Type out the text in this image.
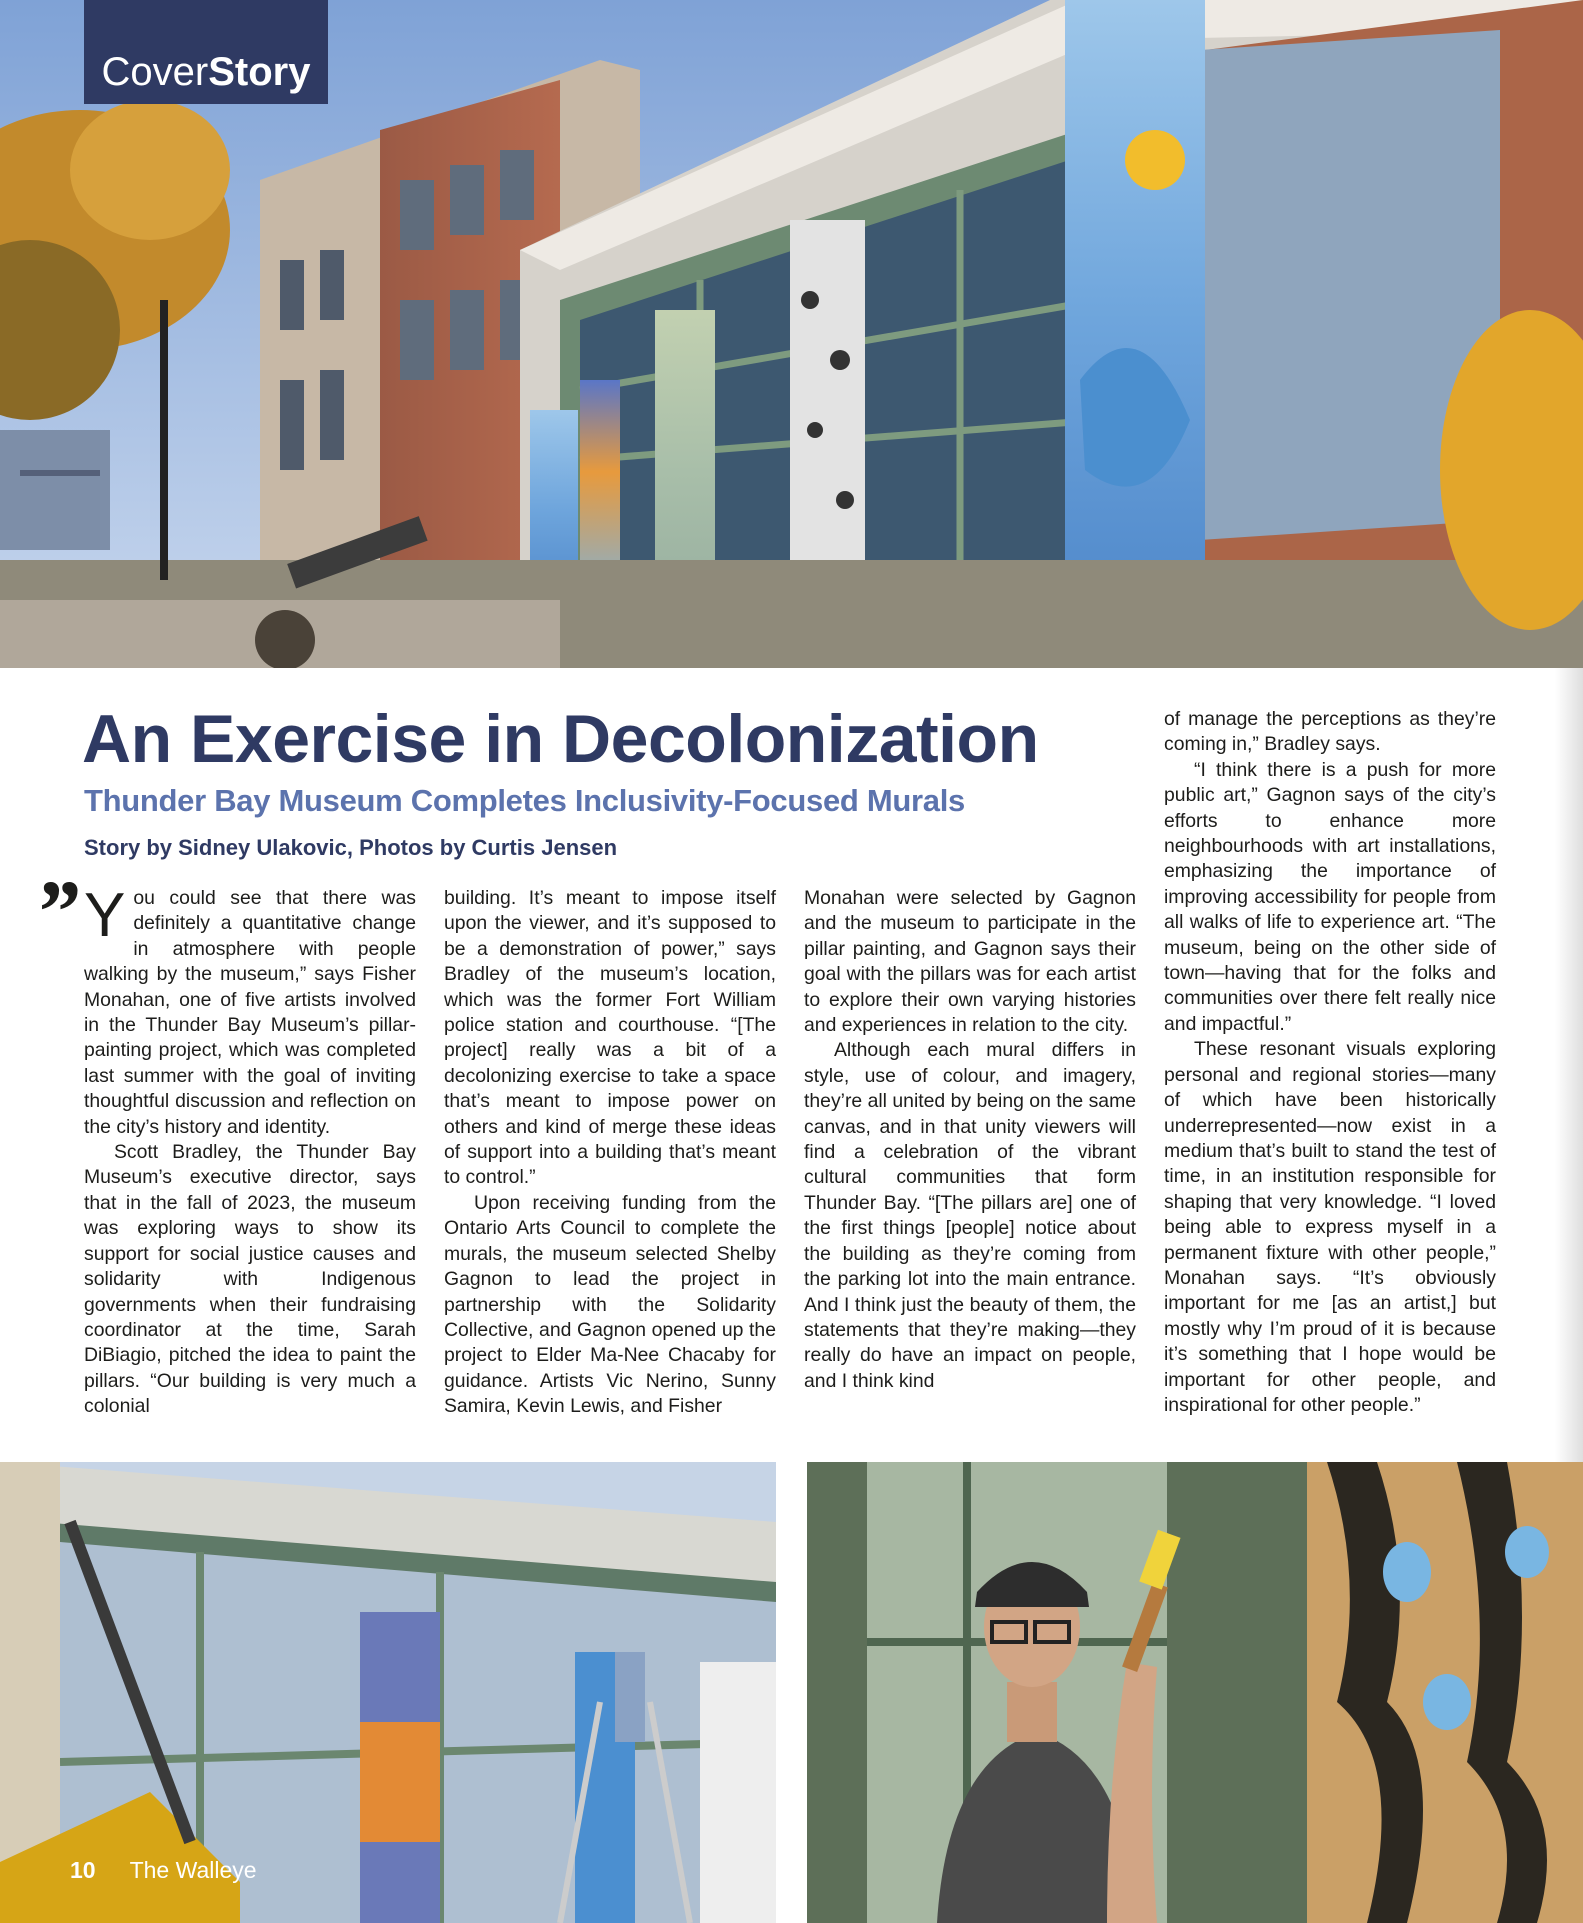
CoverStory
An Exercise in Decolonization
Thunder Bay Museum Completes Inclusivity-Focused Murals

Story by Sidney Ulakovic, Photos by Curtis Jensen

” You could see that there was definitely a quantitative change in atmosphere with people walking by the museum,” says Fisher Monahan, one of five artists involved in the Thunder Bay Museum’s pillar-painting project, which was completed last summer with the goal of inviting thoughtful discussion and reflection on the city’s history and identity.

Scott Bradley, the Thunder Bay Museum’s executive director, says that in the fall of 2023, the museum was exploring ways to show its support for social justice causes and solidarity with Indigenous governments when their fundraising coordinator at the time, Sarah DiBiagio, pitched the idea to paint the pillars. “Our building is very much a colonial

building. It’s meant to impose itself upon the viewer, and it’s supposed to be a demonstration of power,” says Bradley of the museum’s location, which was the former Fort William police station and courthouse. “[The project] really was a bit of a decolonizing exercise to take a space that’s meant to impose power on others and kind of merge these ideas of support into a building that’s meant to control.”

Upon receiving funding from the Ontario Arts Council to complete the murals, the museum selected Shelby Gagnon to lead the project in partnership with the Solidarity Collective, and Gagnon opened up the project to Elder Ma-Nee Chacaby for guidance. Artists Vic Nerino, Sunny Samira, Kevin Lewis, and Fisher

Monahan were selected by Gagnon and the museum to participate in the pillar painting, and Gagnon says their goal with the pillars was for each artist to explore their own varying histories and experiences in relation to the city.

Although each mural differs in style, use of colour, and imagery, they’re all united by being on the same canvas, and in that unity viewers will find a celebration of the vibrant cultural communities that form Thunder Bay. “[The pillars are] one of the first things [people] notice about the building as they’re coming from the parking lot into the main entrance. And I think just the beauty of them, the statements that they’re making—they really do have an impact on people, and I think kind

of manage the perceptions as they’re coming in,” Bradley says.

“I think there is a push for more public art,” Gagnon says of the city’s efforts to enhance more neighbourhoods with art installations, emphasizing the importance of improving accessibility for people from all walks of life to experience art. “The museum, being on the other side of town—having that for the folks and communities over there felt really nice and impactful.”

These resonant visuals exploring personal and regional stories—many of which have been historically underrepresented—now exist in a medium that’s built to stand the test of time, in an institution responsible for shaping that very knowledge. “I loved being able to express myself in a permanent fixture with other people,” Monahan says. “It’s obviously important for me [as an artist,] but mostly why I’m proud of it is because it’s something that I hope would be important for other people, and inspirational for other people.”

10 The Walleye
